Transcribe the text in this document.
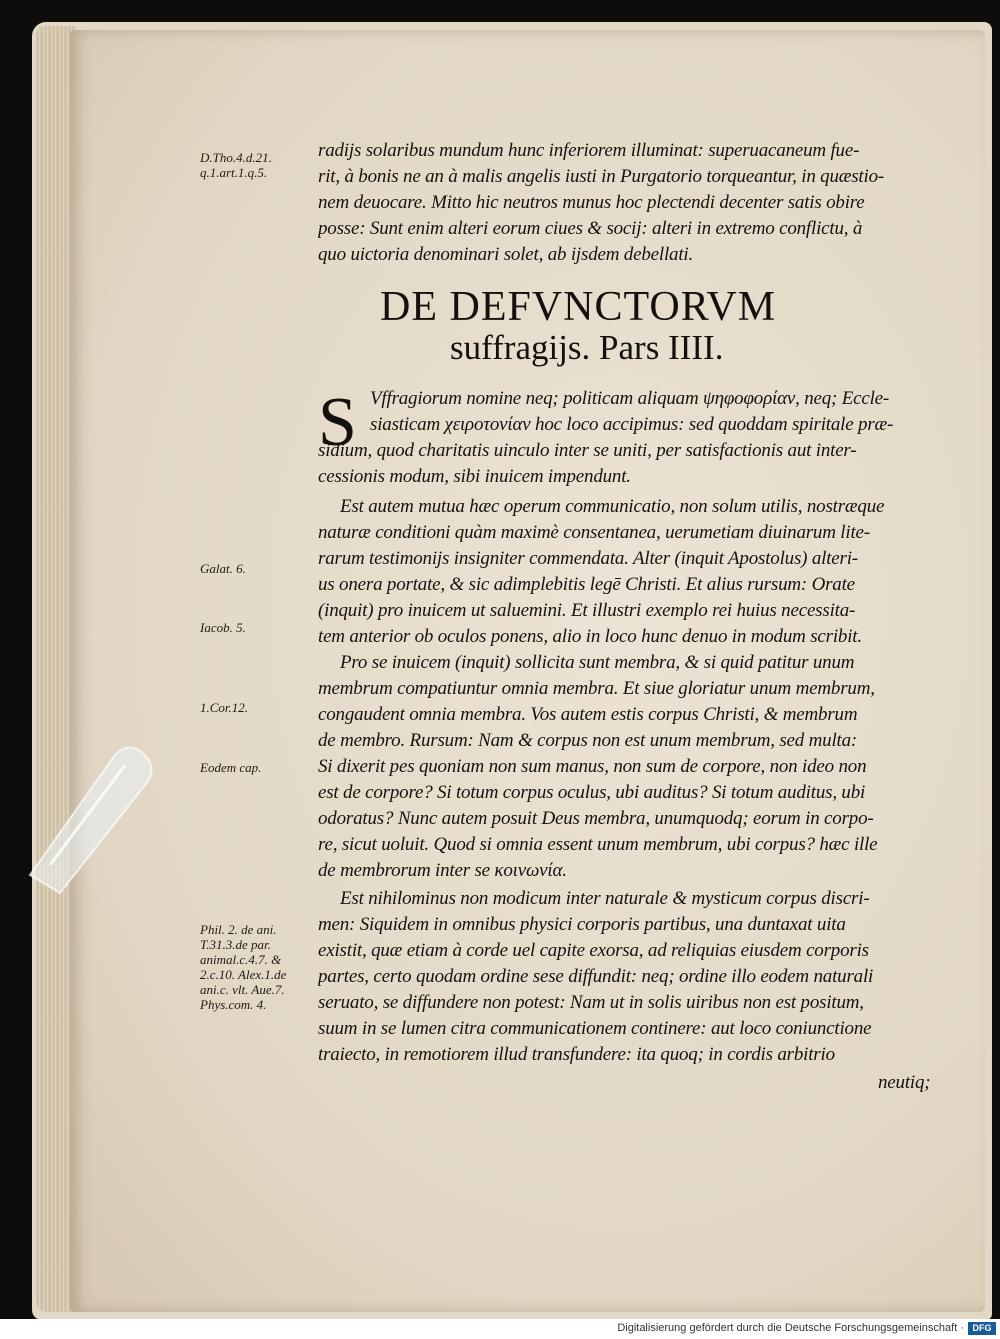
D.Tho.4.d.21.
q.1.art.1.q.5.
Galat. 6.
Iacob. 5.
1.Cor.12.
Eodem cap.
Phil. 2. de ani.
T.31.3.de par.
animal.c.4.7. &
2.c.10. Alex.1.de
ani.c. vlt. Aue.7.
Phys.com. 4.
radijs solaribus mundum hunc inferiorem illuminat: superuacaneum fue-
rit, à bonis ne an à malis angelis iusti in Purgatorio torqueantur, in quæstio-
nem deuocare. Mitto hic neutros munus hoc plectendi decenter satis obire
posse: Sunt enim alteri eorum ciues & socij: alteri in extremo conflictu, à
quo uictoria denominari solet, ab ijsdem debellati.
DE DEFVNCTORVM
suffragijs. Pars IIII.
S Vffragiorum nomine neq; politicam aliquam ψηφοφορίαν, neq; Eccle-
siasticam χειροτονίαν hoc loco accipimus: sed quoddam spiritale præ-
sidium, quod charitatis uinculo inter se uniti, per satisfactionis aut inter-
cessionis modum, sibi inuicem impendunt.
Est autem mutua hæc operum communicatio, non solum utilis, nostræque
naturæ conditioni quàm maximè consentanea, uerumetiam diuinarum lite-
rarum testimonijs insigniter commendata. Alter (inquit Apostolus) alteri-
us onera portate, & sic adimplebitis legē Christi. Et alius rursum: Orate
(inquit) pro inuicem ut saluemini. Et illustri exemplo rei huius necessita-
tem anterior ob oculos ponens, alio in loco hunc denuo in modum scribit.
Pro se inuicem (inquit) sollicita sunt membra, & si quid patitur unum
membrum compatiuntur omnia membra. Et siue gloriatur unum membrum,
congaudent omnia membra. Vos autem estis corpus Christi, & membrum
de membro. Rursum: Nam & corpus non est unum membrum, sed multa:
Si dixerit pes quoniam non sum manus, non sum de corpore, non ideo non
est de corpore? Si totum corpus oculus, ubi auditus? Si totum auditus, ubi
odoratus? Nunc autem posuit Deus membra, unumquodq; eorum in corpo-
re, sicut uoluit. Quod si omnia essent unum membrum, ubi corpus? hæc ille
de membrorum inter se κοινωνία.
Est nihilominus non modicum inter naturale & mysticum corpus discri-
men: Siquidem in omnibus physici corporis partibus, una duntaxat uita
existit, quæ etiam à corde uel capite exorsa, ad reliquias eiusdem corporis
partes, certo quodam ordine sese diffundit: neq; ordine illo eodem naturali
seruato, se diffundere non potest: Nam ut in solis uiribus non est positum,
suum in se lumen citra communicationem continere: aut loco coniunctione
traiecto, in remotiorem illud transfundere: ita quoq; in cordis arbitrio
neutiq;
Digitalisierung gefördert durch die Deutsche Forschungsgemeinschaft · DFG
